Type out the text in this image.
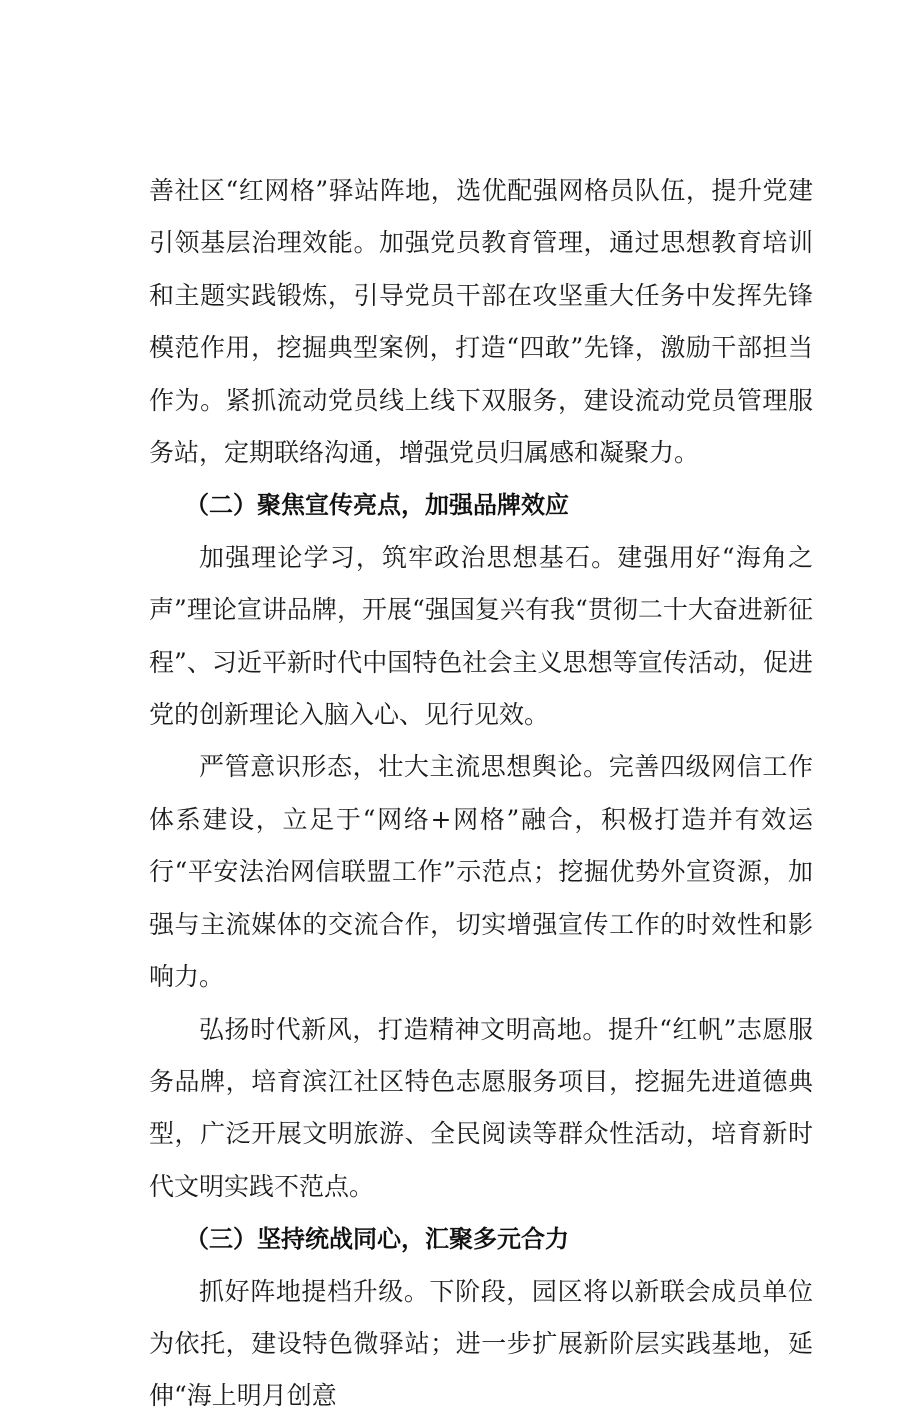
善社区“红网格”驿站阵地，选优配强网格员队伍，提升党建引领基层治理效能。加强党员教育管理，通过思想教育培训和主题实践锻炼，引导党员干部在攻坚重大任务中发挥先锋模范作用，挖掘典型案例，打造“四敢”先锋，激励干部担当作为。紧抓流动党员线上线下双服务，建设流动党员管理服务站，定期联络沟通，增强党员归属感和凝聚力。

（二）聚焦宣传亮点，加强品牌效应

加强理论学习，筑牢政治思想基石。建强用好“海角之声”理论宣讲品牌，开展“强国复兴有我“贯彻二十大奋进新征程”、习近平新时代中国特色社会主义思想等宣传活动，促进党的创新理论入脑入心、见行见效。

严管意识形态，壮大主流思想舆论。完善四级网信工作体系建设，立足于“网络+网格”融合，积极打造并有效运行“平安法治网信联盟工作”示范点；挖掘优势外宣资源，加强与主流媒体的交流合作，切实增强宣传工作的时效性和影响力。

弘扬时代新风，打造精神文明高地。提升“红帆”志愿服务品牌，培育滨江社区特色志愿服务项目，挖掘先进道德典型，广泛开展文明旅游、全民阅读等群众性活动，培育新时代文明实践不范点。

（三）坚持统战同心，汇聚多元合力

抓好阵地提档升级。下阶段，园区将以新联会成员单位为依托，建设特色微驿站；进一步扩展新阶层实践基地，延伸“海上明月创意
